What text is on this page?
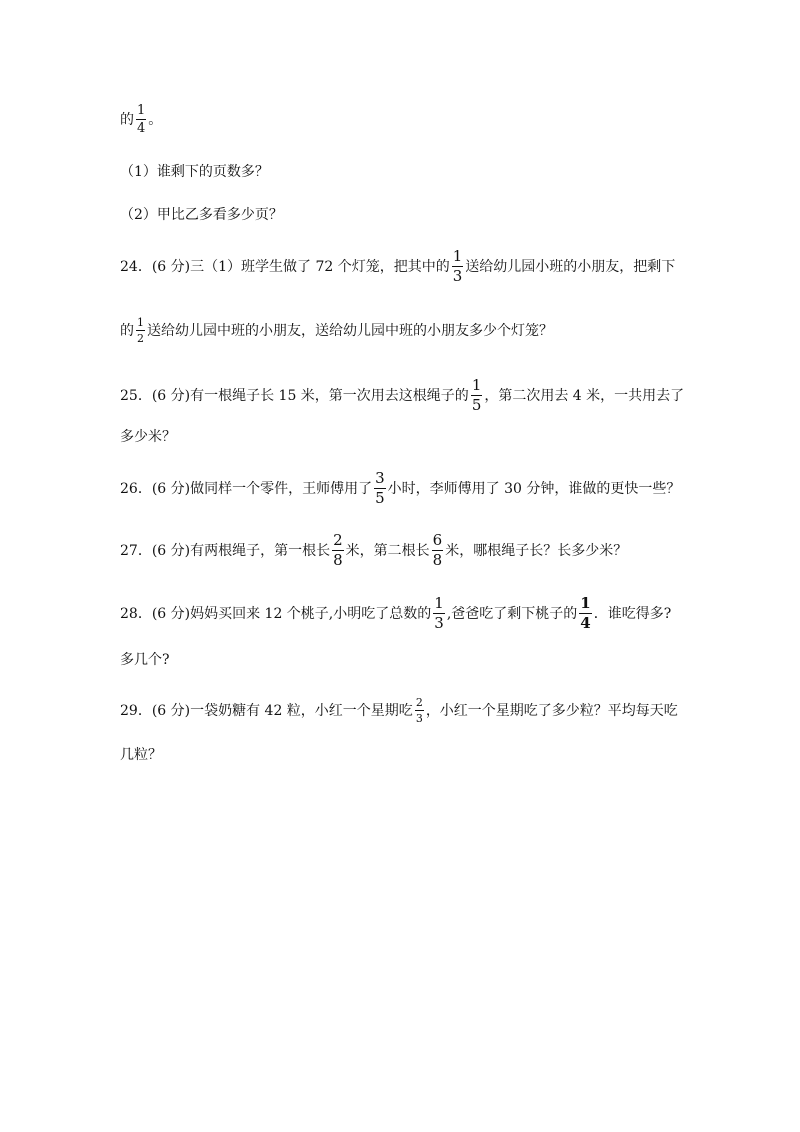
的 $\frac{1}{4}$ 。
（1）谁剩下的页数多？
（2）甲比乙多看多少页？
24．(6 分)三（1）班学生做了 72 个灯笼，把其中的 $\frac{1}{3}$ 送给幼儿园小班的小朋友，把剩下
的 $\frac{1}{2}$ 送给幼儿园中班的小朋友，送给幼儿园中班的小朋友多少个灯笼？
25．(6 分)有一根绳子长 15 米，第一次用去这根绳子的 $\frac{1}{5}$ ，第二次用去 4 米，一共用去了
多少米？
26．(6 分)做同样一个零件，王师傅用了 $\frac{3}{5}$ 小时，李师傅用了 30 分钟，谁做的更快一些？
27．(6 分)有两根绳子，第一根长 $\frac{2}{8}$ 米，第二根长 $\frac{6}{8}$ 米，哪根绳子长？长多少米？
28．(6 分)妈妈买回来 12 个桃子,小明吃了总数的 $\frac{1}{3}$ ,爸爸吃了剩下桃子的 $\frac{1}{4}$ ．谁吃得多?
多几个?
29．(6 分)一袋奶糖有 42 粒，小红一个星期吃 $\frac{2}{3}$ ，小红一个星期吃了多少粒？平均每天吃
几粒？
